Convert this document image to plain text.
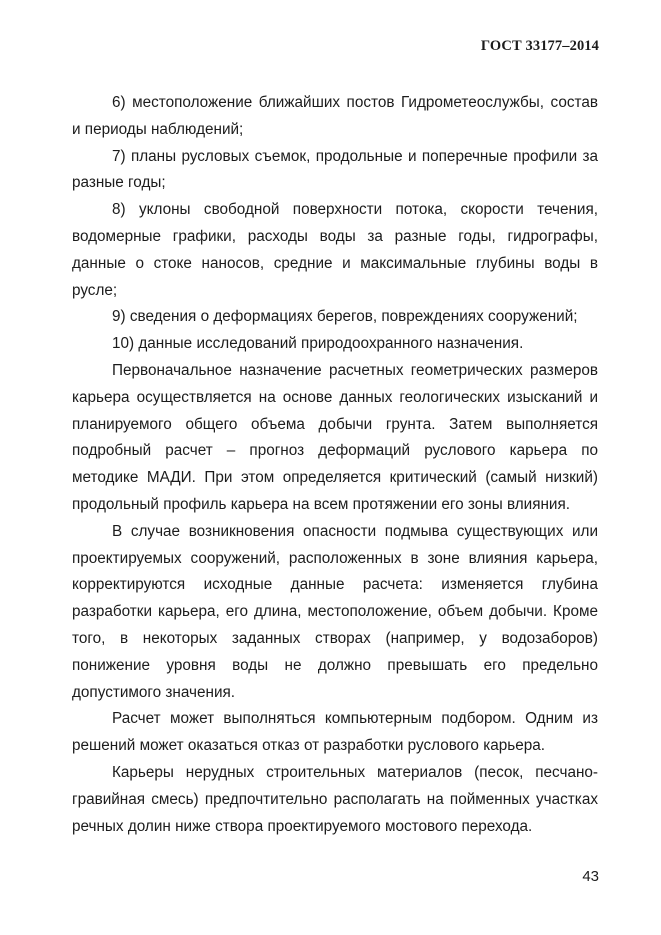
ГОСТ 33177–2014

6) местоположение ближайших постов Гидрометеослужбы, состав и периоды наблюдений;

7) планы русловых съемок, продольные и поперечные профили за разные годы;

8) уклоны свободной поверхности потока, скорости течения, водомерные графики, расходы воды за разные годы, гидрографы, данные о стоке наносов, средние и максимальные глубины воды в русле;

9) сведения о деформациях берегов, повреждениях сооружений;

10) данные исследований природоохранного назначения.

Первоначальное назначение расчетных геометрических размеров карьера осуществляется на основе данных геологических изысканий и планируемого общего объема добычи грунта. Затем выполняется подробный расчет – прогноз деформаций руслового карьера по методике МАДИ. При этом определяется критический (самый низкий) продольный профиль карьера на всем протяжении его зоны влияния.

В случае возникновения опасности подмыва существующих или проектируемых сооружений, расположенных в зоне влияния карьера, корректируются исходные данные расчета: изменяется глубина разработки карьера, его длина, местоположение, объем добычи. Кроме того, в некоторых заданных створах (например, у водозаборов) понижение уровня воды не должно превышать его предельно допустимого значения.

Расчет может выполняться компьютерным подбором. Одним из решений может оказаться отказ от разработки руслового карьера.

Карьеры нерудных строительных материалов (песок, песчано-гравийная смесь) предпочтительно располагать на пойменных участках речных долин ниже створа проектируемого мостового перехода.

43
